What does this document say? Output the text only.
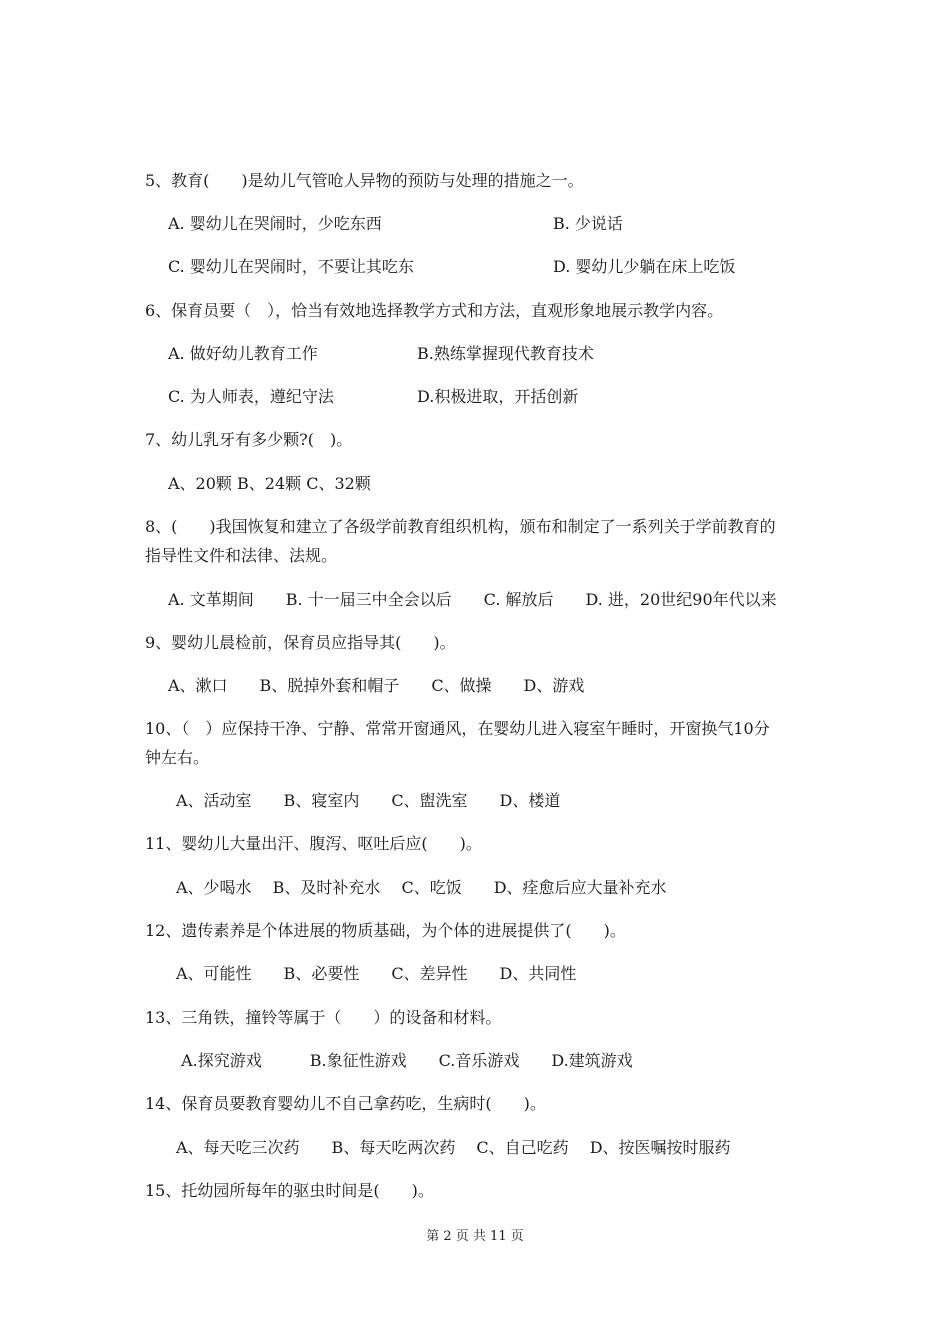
5、教育(　　)是幼儿气管呛人异物的预防与处理的措施之一。
A. 婴幼儿在哭闹时，少吃东西	B. 少说话
C. 婴幼儿在哭闹时，不要让其吃东	D. 婴幼儿少躺在床上吃饭
6、保育员要（　），恰当有效地选择教学方式和方法，直观形象地展示教学内容。
A. 做好幼儿教育工作	B.熟练掌握现代教育技术
C. 为人师表，遵纪守法	D.积极进取，开括创新
7、幼儿乳牙有多少颗?(　)。
A、20颗 B、24颗 C、32颗
8、(　　)我国恢复和建立了各级学前教育组织机构，颁布和制定了一系列关于学前教育的
指导性文件和法律、法规。
A. 文革期间　　B. 十一届三中全会以后　　C. 解放后　　D. 进，20世纪90年代以来
9、婴幼儿晨检前，保育员应指导其(　　)。
A、漱口　　B、脱掉外套和帽子　　C、做操　　D、游戏
10、（　）应保持干净、宁静、常常开窗通风，在婴幼儿进入寝室午睡时，开窗换气10分
钟左右。
A、活动室　　B、寝室内　　C、盥洗室　　D、楼道
11、婴幼儿大量出汗、腹泻、呕吐后应(　　)。
A、少喝水　 B、及时补充水　 C、吃饭　　D、痊愈后应大量补充水
12、遗传素养是个体进展的物质基础，为个体的进展提供了(　　)。
A、可能性　　B、必要性　　C、差异性　　D、共同性
13、三角铁，撞铃等属于（　　）的设备和材料。
A.探究游戏　　　B.象征性游戏　　C.音乐游戏　　D.建筑游戏
14、保育员要教育婴幼儿不自己拿药吃，生病时(　　)。
A、每天吃三次药　　B、每天吃两次药　 C、自己吃药　 D、按医嘱按时服药
15、托幼园所每年的驱虫时间是(　　)。
第 2 页 共 11 页
